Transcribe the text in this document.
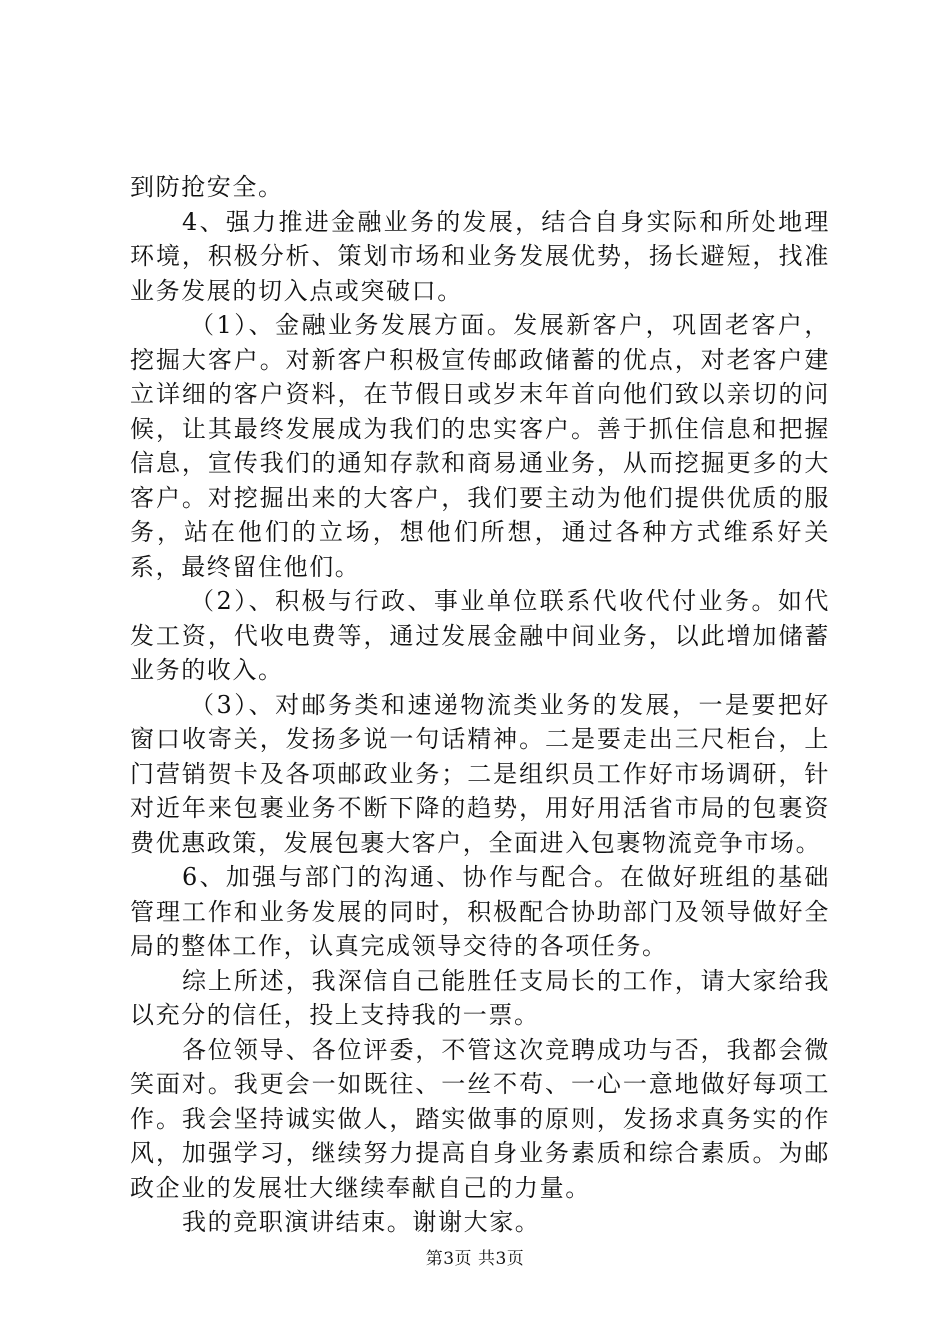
到防抢安全。

4、强力推进金融业务的发展，结合自身实际和所处地理环境，积极分析、策划市场和业务发展优势，扬长避短，找准业务发展的切入点或突破口。

（1）、金融业务发展方面。发展新客户，巩固老客户，挖掘大客户。对新客户积极宣传邮政储蓄的优点，对老客户建立详细的客户资料，在节假日或岁末年首向他们致以亲切的问候，让其最终发展成为我们的忠实客户。善于抓住信息和把握信息，宣传我们的通知存款和商易通业务，从而挖掘更多的大客户。对挖掘出来的大客户，我们要主动为他们提供优质的服务，站在他们的立场，想他们所想，通过各种方式维系好关系，最终留住他们。

（2）、积极与行政、事业单位联系代收代付业务。如代发工资，代收电费等，通过发展金融中间业务，以此增加储蓄业务的收入。

（3）、对邮务类和速递物流类业务的发展，一是要把好窗口收寄关，发扬多说一句话精神。二是要走出三尺柜台，上门营销贺卡及各项邮政业务；二是组织员工作好市场调研，针对近年来包裹业务不断下降的趋势，用好用活省市局的包裹资费优惠政策，发展包裹大客户，全面进入包裹物流竞争市场。

6、加强与部门的沟通、协作与配合。在做好班组的基础管理工作和业务发展的同时，积极配合协助部门及领导做好全局的整体工作，认真完成领导交待的各项任务。

综上所述，我深信自己能胜任支局长的工作，请大家给我以充分的信任，投上支持我的一票。

各位领导、各位评委，不管这次竞聘成功与否，我都会微笑面对。我更会一如既往、一丝不苟、一心一意地做好每项工作。我会坚持诚实做人，踏实做事的原则，发扬求真务实的作风，加强学习，继续努力提高自身业务素质和综合素质。为邮政企业的发展壮大继续奉献自己的力量。

我的竞职演讲结束。谢谢大家。

第3页 共3页
